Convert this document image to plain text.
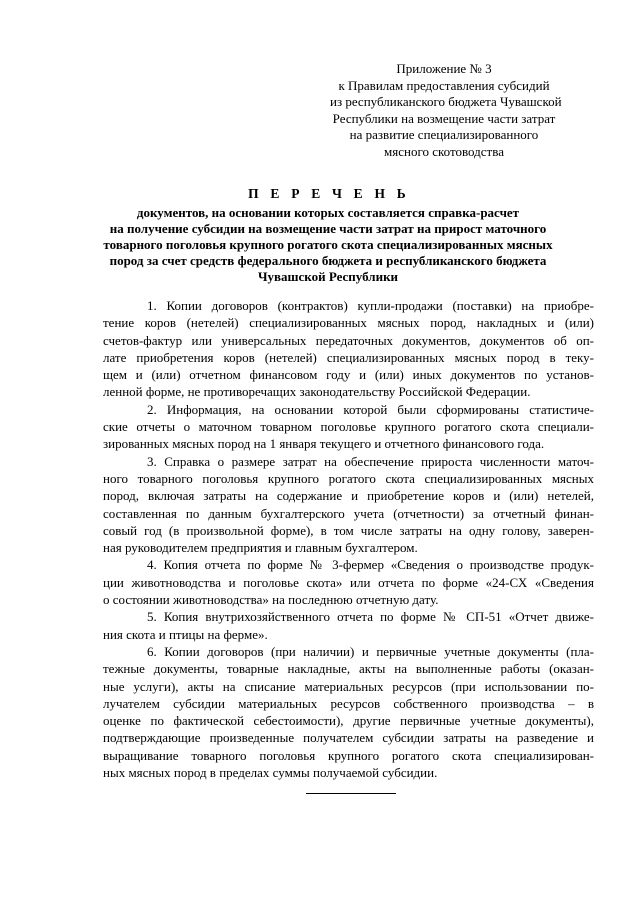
Приложение № 3
к Правилам предоставления субсидий
из республиканского бюджета Чувашской
Республики на возмещение части затрат
на развитие специализированного
мясного скотоводства
П Е Р Е Ч Е Н Ь
документов, на основании которых составляется справка-расчет
на получение субсидии на возмещение части затрат на прирост маточного
товарного поголовья крупного рогатого скота специализированных мясных
пород за счет средств федерального бюджета и республиканского бюджета
Чувашской Республики
1. Копии договоров (контрактов) купли-продажи (поставки) на приобре-
тение коров (нетелей) специализированных мясных пород, накладных и (или)
счетов-фактур или универсальных передаточных документов, документов об оп-
лате приобретения коров (нетелей) специализированных мясных пород в теку-
щем и (или) отчетном финансовом году и (или) иных документов по установ-
ленной форме, не противоречащих законодательству Российской Федерации.
2. Информация, на основании которой были сформированы статистиче-
ские отчеты о маточном товарном поголовье крупного рогатого скота специали-
зированных мясных пород на 1 января текущего и отчетного финансового года.
3. Справка о размере затрат на обеспечение прироста численности маточ-
ного товарного поголовья крупного рогатого скота специализированных мясных
пород, включая затраты на содержание и приобретение коров и (или) нетелей,
составленная по данным бухгалтерского учета (отчетности) за отчетный финан-
совый год (в произвольной форме), в том числе затраты на одну голову, заверен-
ная руководителем предприятия и главным бухгалтером.
4. Копия отчета по форме № 3-фермер «Сведения о производстве продук-
ции животноводства и поголовье скота» или отчета по форме «24-СХ «Сведения
о состоянии животноводства» на последнюю отчетную дату.
5. Копия внутрихозяйственного отчета по форме № СП-51 «Отчет движе-
ния скота и птицы на ферме».
6. Копии договоров (при наличии) и первичные учетные документы (пла-
тежные документы, товарные накладные, акты на выполненные работы (оказан-
ные услуги), акты на списание материальных ресурсов (при использовании по-
лучателем субсидии материальных ресурсов собственного производства – в
оценке по фактической себестоимости), другие первичные учетные документы),
подтверждающие произведенные получателем субсидии затраты на разведение и
выращивание товарного поголовья крупного рогатого скота специализирован-
ных мясных пород в пределах суммы получаемой субсидии.
